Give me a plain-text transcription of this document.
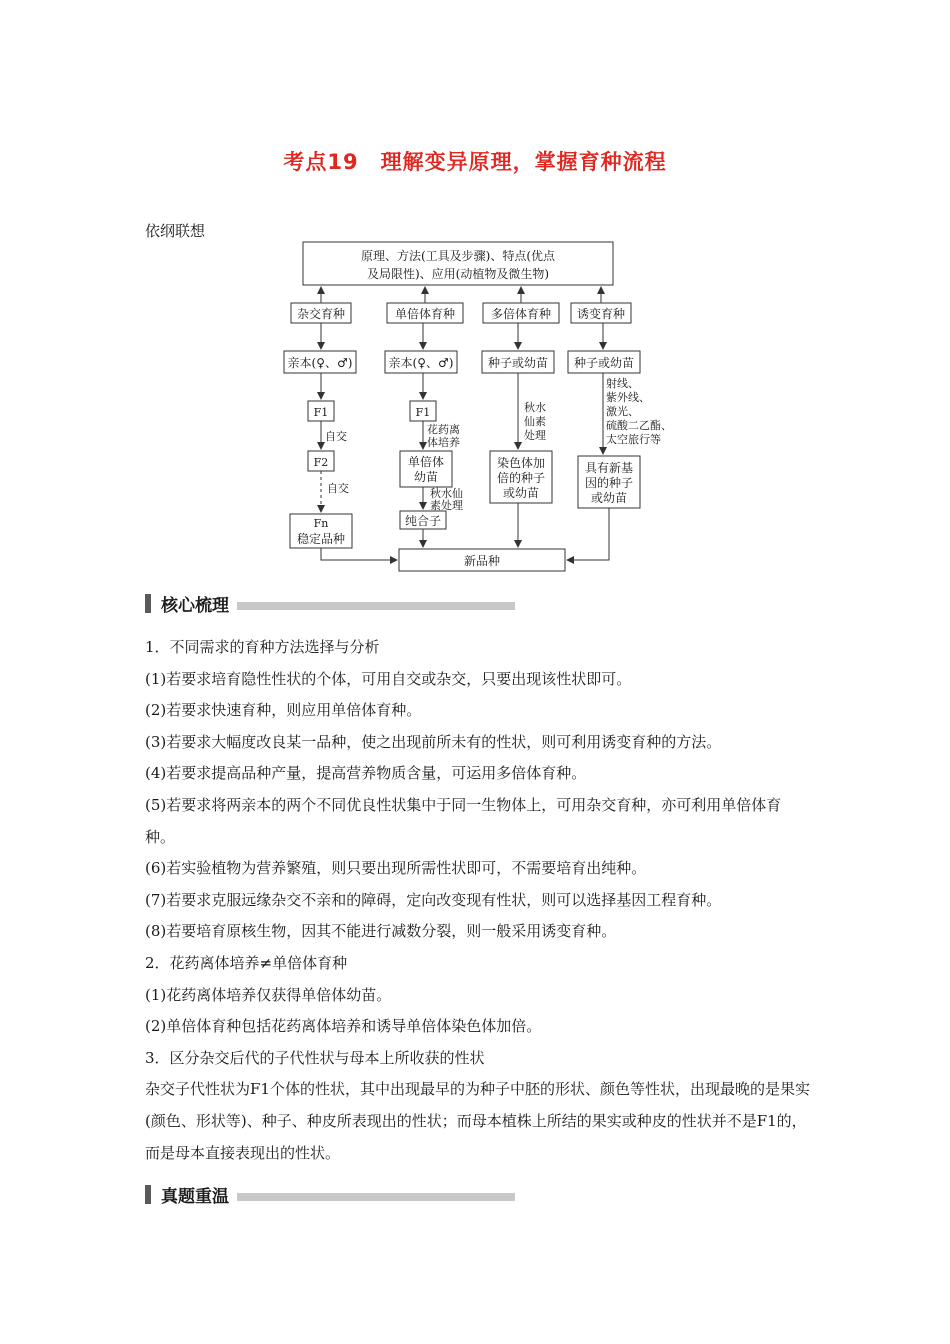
考点19　理解变异原理，掌握育种流程
依纲联想
原理、方法(工具及步骤)、特点(优点
及局限性)、应用(动植物及微生物)
杂交育种	单倍体育种	多倍体育种 诱变育种
亲本(♀、♂)	亲本(♀、♂)	种子或幼苗 种子或幼苗
F1
自交
F2
自交
Fn
稳定品种
F1
花药离
体培养
单倍体
幼苗
秋水仙
素处理
纯合子
秋水
仙素
处理
染色体加
倍的种子
或幼苗
射线、
紫外线、
激光、
硫酸二乙酯、
太空旅行等
具有新基
因的种子
或幼苗
新品种
核心梳理

1．不同需求的育种方法选择与分析

(1)若要求培育隐性性状的个体，可用自交或杂交，只要出现该性状即可。

(2)若要求快速育种，则应用单倍体育种。

(3)若要求大幅度改良某一品种，使之出现前所未有的性状，则可利用诱变育种的方法。

(4)若要求提高品种产量，提高营养物质含量，可运用多倍体育种。

(5)若要求将两亲本的两个不同优良性状集中于同一生物体上，可用杂交育种，亦可利用单倍体育种。

(6)若实验植物为营养繁殖，则只要出现所需性状即可，不需要培育出纯种。

(7)若要求克服远缘杂交不亲和的障碍，定向改变现有性状，则可以选择基因工程育种。

(8)若要培育原核生物，因其不能进行减数分裂，则一般采用诱变育种。

2．花药离体培养≠单倍体育种

(1)花药离体培养仅获得单倍体幼苗。

(2)单倍体育种包括花药离体培养和诱导单倍体染色体加倍。

3．区分杂交后代的子代性状与母本上所收获的性状

杂交子代性状为F1个体的性状，其中出现最早的为种子中胚的形状、颜色等性状，出现最晚的是果实(颜色、形状等)、种子、种皮所表现出的性状；而母本植株上所结的果实或种皮的性状并不是F1的，而是母本直接表现出的性状。

真题重温
